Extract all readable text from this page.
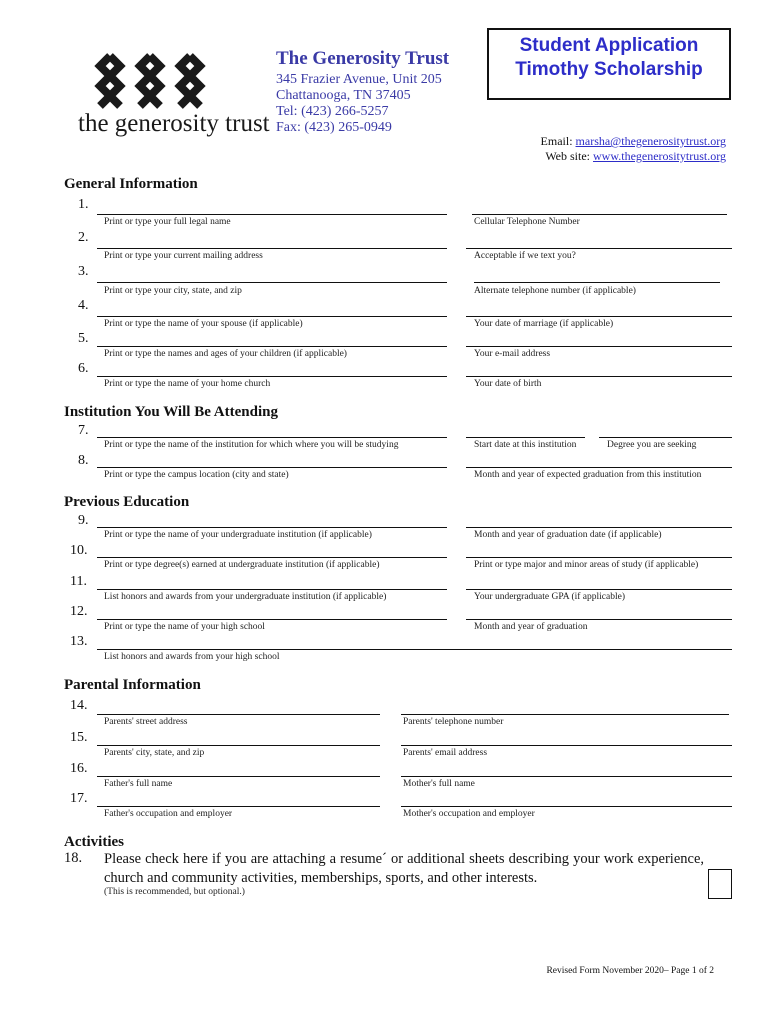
the generosity trust
The Generosity Trust
345 Frazier Avenue, Unit 205
Chattanooga, TN 37405
Tel: (423) 266-5257
Fax: (423) 265-0949
Student Application
Timothy Scholarship
Email: marsha@thegenerositytrust.org
Web site: www.thegenerositytrust.org
General Information
1.
Print or type your full legal name	Cellular Telephone Number
2.
Print or type your current mailing address	Acceptable if we text you?
3.
Print or type your city, state, and zip	Alternate telephone number (if applicable)
4.
Print or type the name of your spouse (if applicable)	Your date of marriage (if applicable)
5.
Print or type the names and ages of your children (if applicable)	Your e-mail address
6.
Print or type the name of your home church	Your date of birth
Institution You Will Be Attending
7.
Print or type the name of the institution for which where you will be studying	Start date at this institution	Degree you are seeking
8.
Print or type the campus location (city and state)	Month and year of expected graduation from this institution
Previous Education
9.
Print or type the name of your undergraduate institution (if applicable)	Month and year of graduation date (if applicable)
10.
Print or type degree(s) earned at undergraduate institution (if applicable)	Print or type major and minor areas of study (if applicable)
11.
List honors and awards from your undergraduate institution (if applicable)	Your undergraduate GPA (if applicable)
12.
Print or type the name of your high school	Month and year of graduation
13.
List honors and awards from your high school
Parental Information
14.
Parents' street address	Parents' telephone number
15.
Parents' city, state, and zip	Parents' email address
16.
Father's full name	Mother's full name
17.
Father's occupation and employer	Mother's occupation and employer
Activities
18. Please check here if you are attaching a resume´ or additional sheets describing your work experience, church and community activities, memberships, sports, and other interests.
(This is recommended, but optional.)
Revised Form November 2020– Page 1 of 2
